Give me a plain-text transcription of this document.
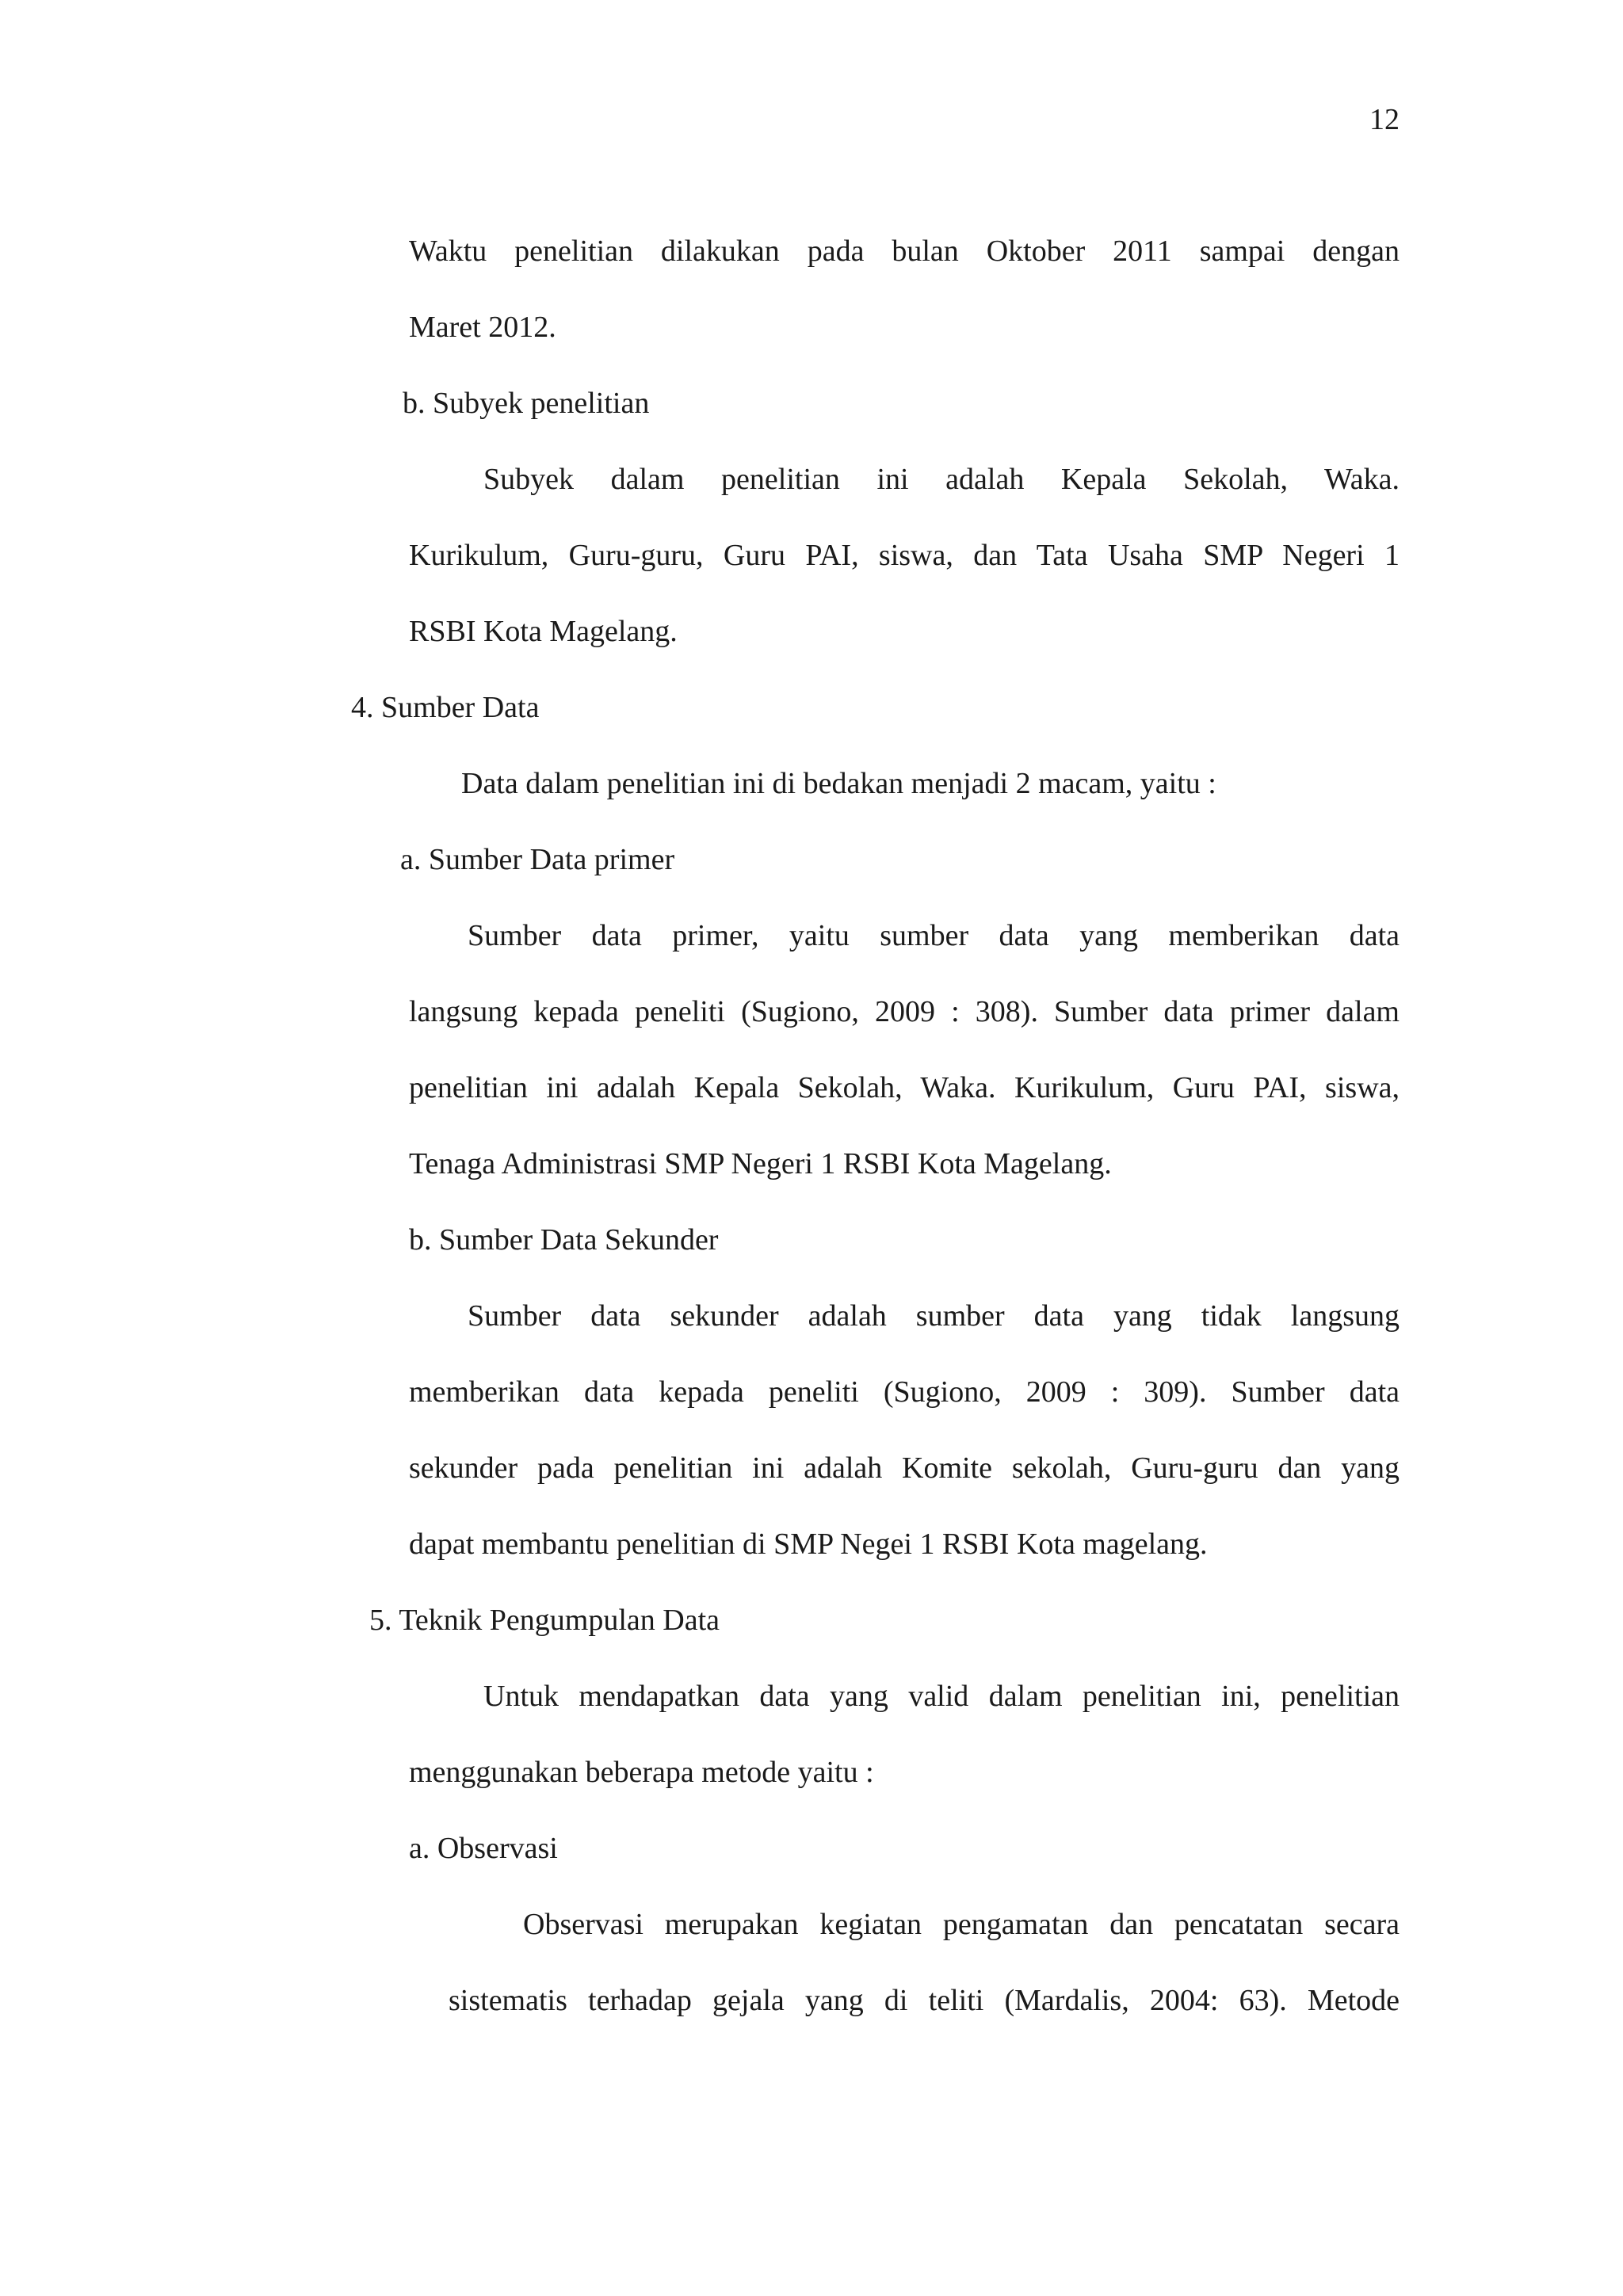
12
Waktu penelitian dilakukan pada bulan Oktober 2011 sampai dengan
Maret 2012.
b. Subyek penelitian
Subyek dalam penelitian ini adalah Kepala Sekolah, Waka.
Kurikulum, Guru-guru, Guru PAI, siswa, dan Tata Usaha SMP Negeri 1
RSBI Kota Magelang.
4. Sumber Data
Data dalam penelitian ini di bedakan menjadi 2 macam, yaitu :
a. Sumber Data primer
Sumber data primer, yaitu sumber data yang memberikan data
langsung kepada peneliti (Sugiono, 2009 : 308). Sumber data primer dalam
penelitian ini adalah Kepala Sekolah, Waka. Kurikulum, Guru PAI, siswa,
Tenaga Administrasi SMP Negeri 1 RSBI Kota Magelang.
b. Sumber Data Sekunder
Sumber data sekunder adalah sumber data yang tidak langsung
memberikan data kepada peneliti (Sugiono, 2009 : 309). Sumber data
sekunder pada penelitian ini adalah Komite sekolah, Guru-guru dan yang
dapat membantu penelitian di SMP Negei 1 RSBI Kota magelang.
5. Teknik Pengumpulan Data
Untuk mendapatkan data yang valid dalam penelitian ini, penelitian
menggunakan beberapa metode yaitu :
a. Observasi
Observasi merupakan kegiatan pengamatan dan pencatatan secara
sistematis terhadap gejala yang di teliti (Mardalis, 2004: 63). Metode
